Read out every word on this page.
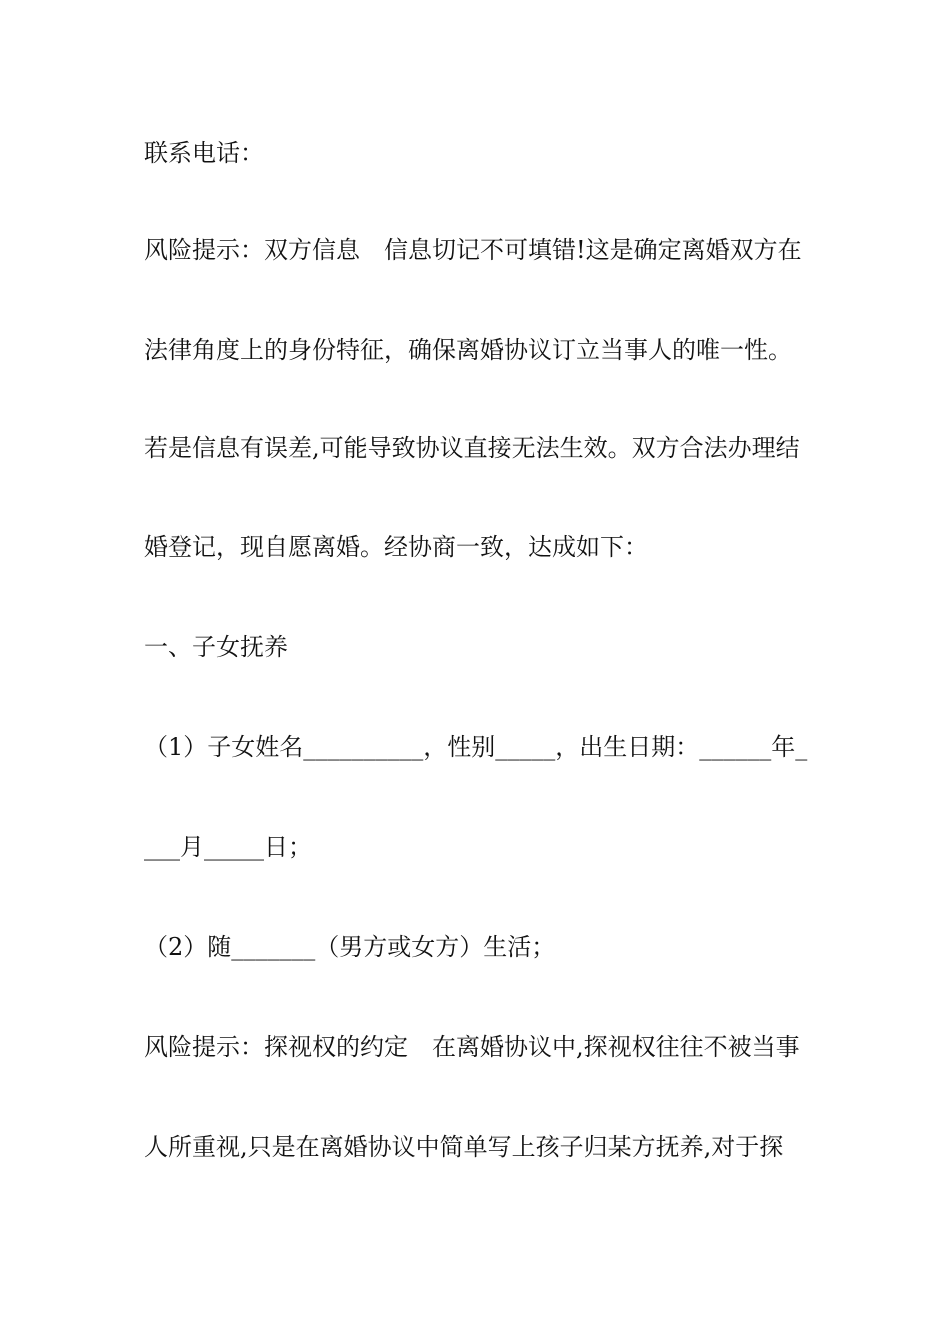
联系电话：
风险提示：双方信息　信息切记不可填错!这是确定离婚双方在
法律角度上的身份特征，确保离婚协议订立当事人的唯一性。
若是信息有误差,可能导致协议直接无法生效。双方合法办理结
婚登记，现自愿离婚。经协商一致，达成如下：
一、子女抚养
（1）子女姓名__________，性别_____，出生日期：______年_
___月_____日；
（2）随_______（男方或女方）生活；
风险提示：探视权的约定　在离婚协议中,探视权往往不被当事
人所重视,只是在离婚协议中简单写上孩子归某方抚养,对于探
